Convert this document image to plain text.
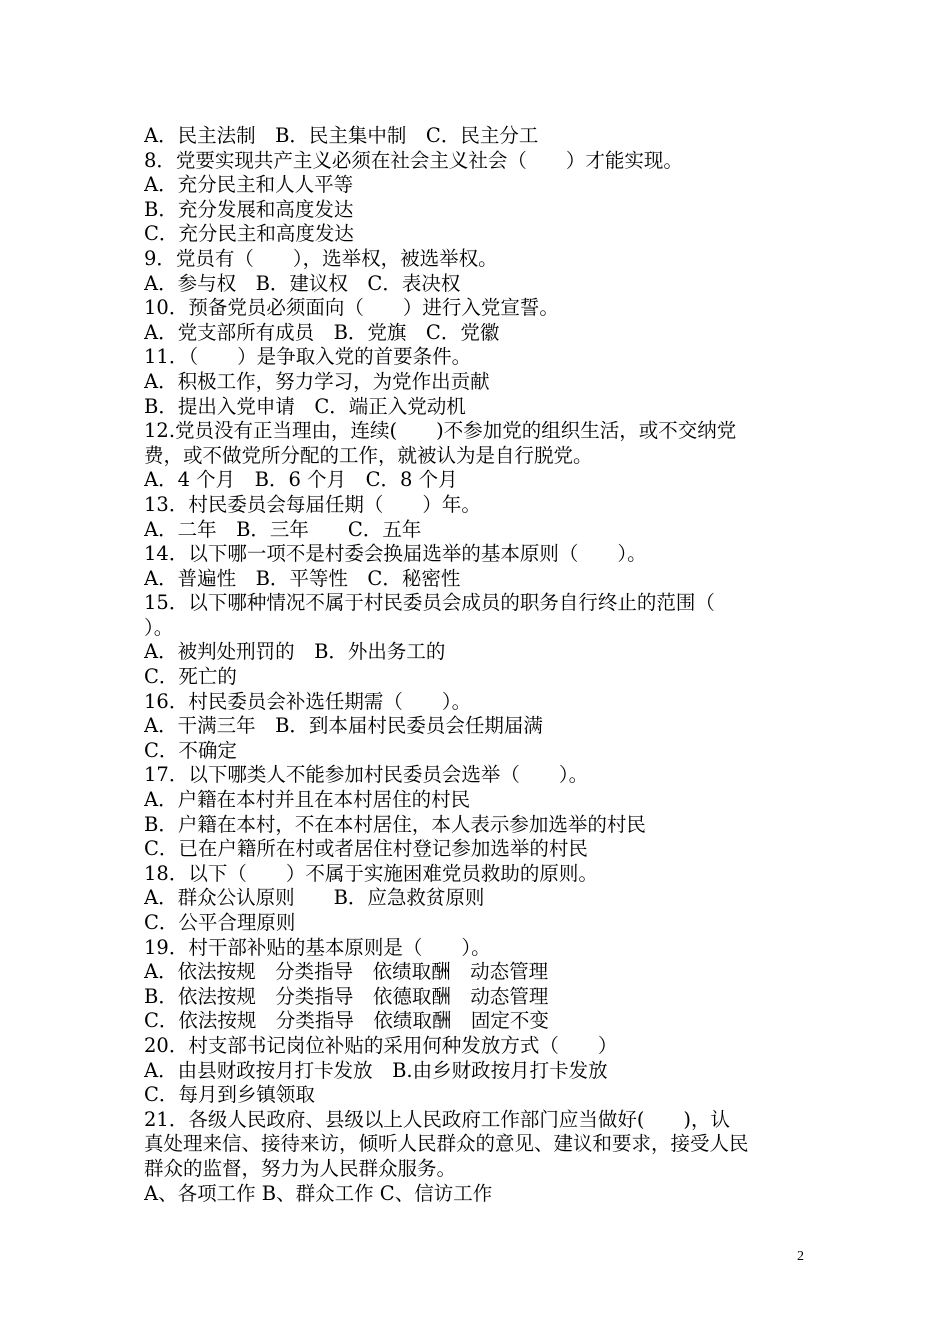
A．民主法制　B．民主集中制　C．民主分工
8．党要实现共产主义必须在社会主义社会（　　）才能实现。
A．充分民主和人人平等
B．充分发展和高度发达
C．充分民主和高度发达
9．党员有（　　），选举权，被选举权。
A．参与权　B．建议权　C．表决权
10．预备党员必须面向（　　）进行入党宣誓。
A．党支部所有成员　B．党旗　C．党徽
11．（　　）是争取入党的首要条件。
A．积极工作，努力学习，为党作出贡献
B．提出入党申请　C．端正入党动机
12.党员没有正当理由，连续(　　)不参加党的组织生活，或不交纳党
费，或不做党所分配的工作，就被认为是自行脱党。
A．4 个月　B．6 个月　C．8 个月
13．村民委员会每届任期（　　）年。
A．二年　B．三年　　C．五年
14．以下哪一项不是村委会换届选举的基本原则（　　）。
A．普遍性　B．平等性　C．秘密性
15．以下哪种情况不属于村民委员会成员的职务自行终止的范围（
）。
A．被判处刑罚的　B．外出务工的
C．死亡的
16．村民委员会补选任期需（　　）。
A．干满三年　B．到本届村民委员会任期届满
C．不确定
17．以下哪类人不能参加村民委员会选举（　　）。
A．户籍在本村并且在本村居住的村民
B．户籍在本村，不在本村居住，本人表示参加选举的村民
C．已在户籍所在村或者居住村登记参加选举的村民
18．以下（　　）不属于实施困难党员救助的原则。
A．群众公认原则　　B．应急救贫原则
C．公平合理原则
19．村干部补贴的基本原则是（　　）。
A．依法按规　分类指导　依绩取酬　动态管理
B．依法按规　分类指导　依德取酬　动态管理
C．依法按规　分类指导　依绩取酬　固定不变
20．村支部书记岗位补贴的采用何种发放方式（　　）
A．由县财政按月打卡发放　B.由乡财政按月打卡发放
C．每月到乡镇领取
21．各级人民政府、县级以上人民政府工作部门应当做好(　　)，认
真处理来信、接待来访，倾听人民群众的意见、建议和要求，接受人民
群众的监督，努力为人民群众服务。
A、各项工作 B、群众工作 C、信访工作
2
